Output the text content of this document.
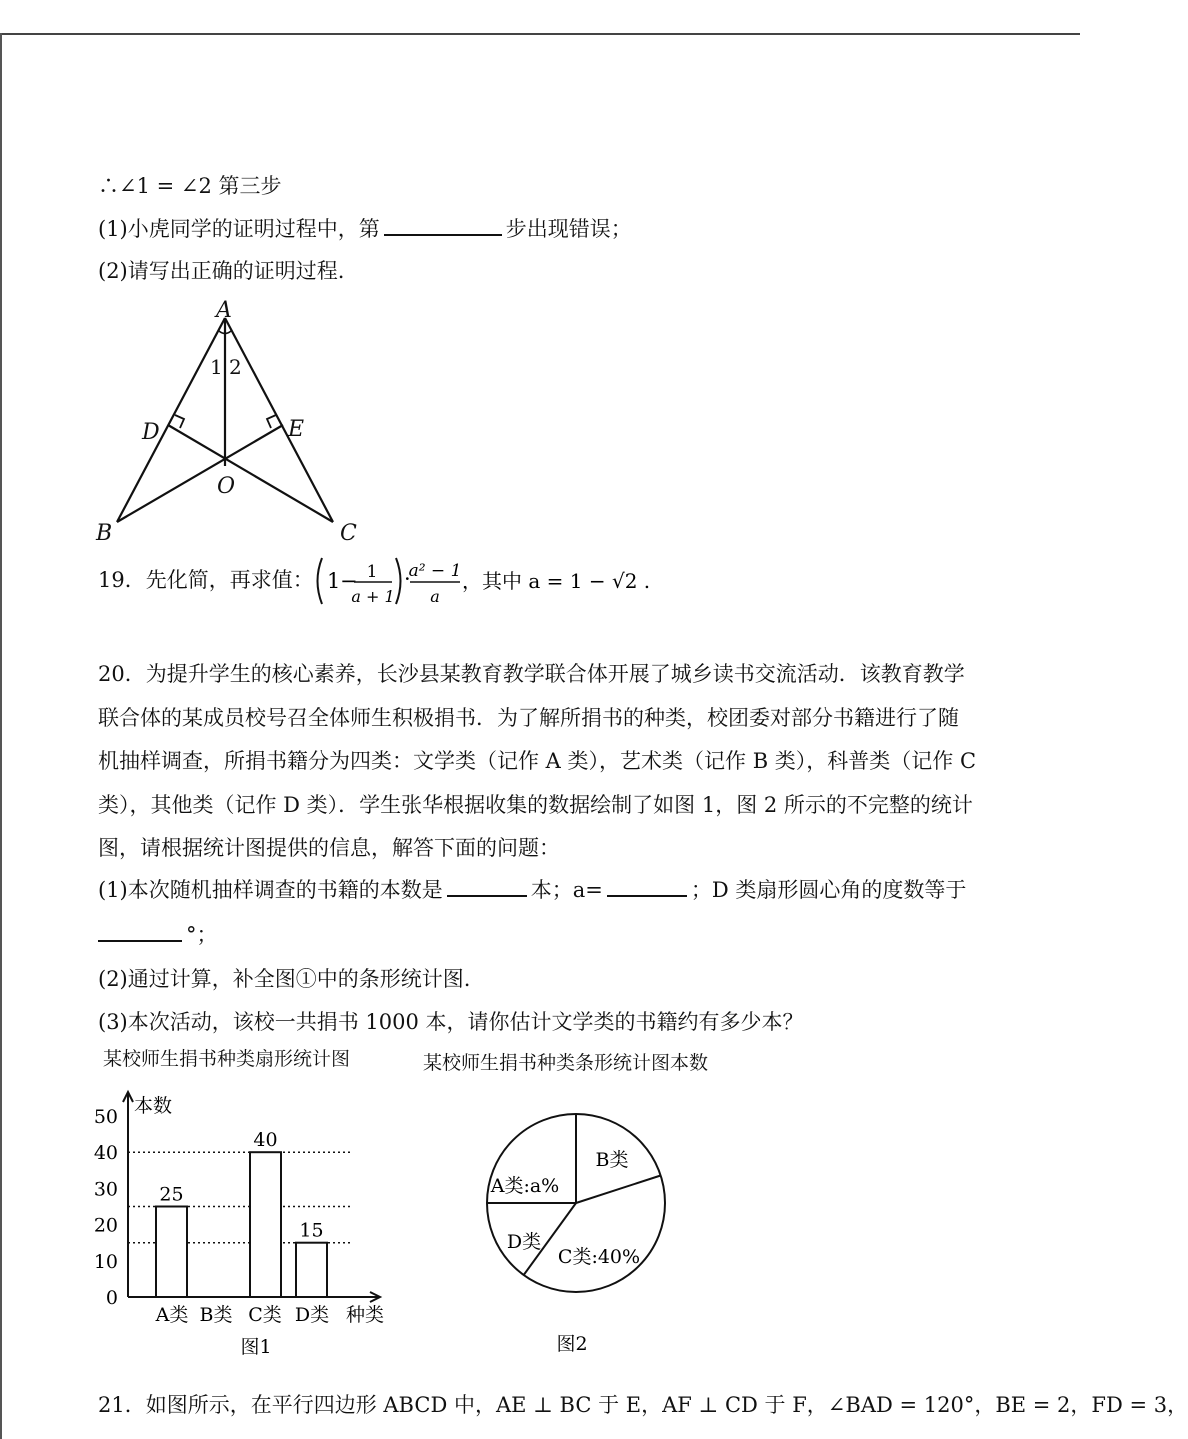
∴∠1 = ∠2 第三步
(1)小虎同学的证明过程中，第	步出现错误；
(2)请写出正确的证明过程.
A
D	E
O
B	C
1 2
19．先化简，再求值： 1 − 1
a + 1
·
a² − 1
a
，其中 a = 1 − √2 .
20．为提升学生的核心素养，长沙县某教育教学联合体开展了城乡读书交流活动．该教育教学
联合体的某成员校号召全体师生积极捐书．为了解所捐书的种类，校团委对部分书籍进行了随
机抽样调查，所捐书籍分为四类：文学类（记作 A 类），艺术类（记作 B 类），科普类（记作 C
类），其他类（记作 D 类）．学生张华根据收集的数据绘制了如图 1，图 2 所示的不完整的统计
图，请根据统计图提供的信息，解答下面的问题：
(1)本次随机抽样调查的书籍的本数是	本；a=	；D 类扇形圆心角的度数等于
°；
(2)通过计算，补全图①中的条形统计图.
(3)本次活动，该校一共捐书 1000 本，请你估计文学类的书籍约有多少本？
某校师生捐书种类扇形统计图	某校师生捐书种类条形统计图本数
0
10
20
30
40
50
A类
25
B类 C类
40
D类
15
本数
种类
图1
A类:a%
B类
C类:40%
D类
图2
21．如图所示，在平行四边形 ABCD 中，AE ⊥ BC 于 E，AF ⊥ CD 于 F，∠BAD = 120°，BE = 2，FD = 3，
